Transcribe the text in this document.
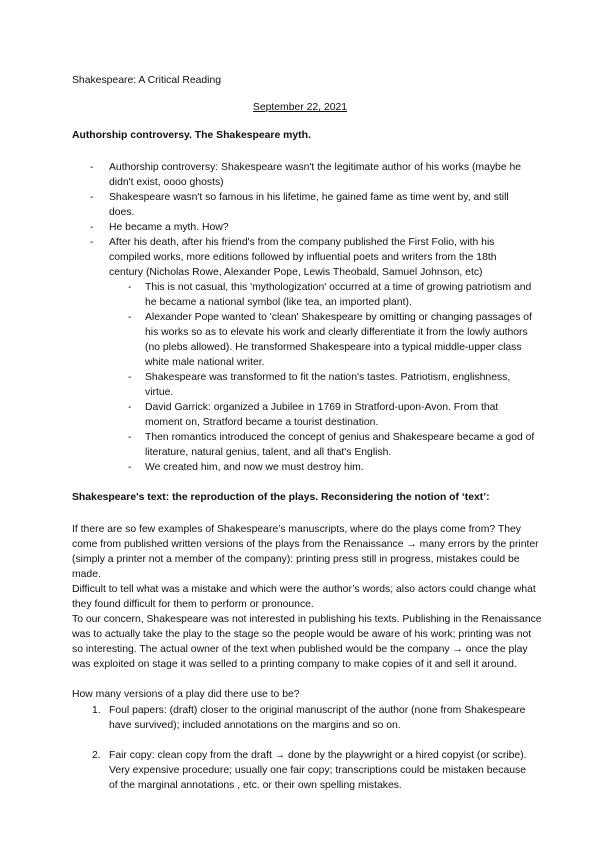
Shakespeare: A Critical Reading
September 22, 2021
Authorship controversy. The Shakespeare myth.
- Authorship controversy: Shakespeare wasn't the legitimate author of his works (maybe he didn't exist, oooo ghosts)
- Shakespeare wasn't so famous in his lifetime, he gained fame as time went by, and still does.
- He became a myth. How?
- After his death, after his friend's from the company published the First Folio, with his compiled works, more editions followed by influential poets and writers from the 18th century (Nicholas Rowe, Alexander Pope, Lewis Theobald, Samuel Johnson, etc)
- This is not casual, this 'mythologization' occurred at a time of growing patriotism and he became a national symbol (like tea, an imported plant).
- Alexander Pope wanted to 'clean' Shakespeare by omitting or changing passages of his works so as to elevate his work and clearly differentiate it from the lowly authors (no plebs allowed). He transformed Shakespeare into a typical middle-upper class white male national writer.
- Shakespeare was transformed to fit the nation's tastes. Patriotism, englishness, virtue.
- David Garrick: organized a Jubilee in 1769 in Stratford-upon-Avon. From that moment on, Stratford became a tourist destination.
- Then romantics introduced the concept of genius and Shakespeare became a god of literature, natural genius, talent, and all that's English.
- We created him, and now we must destroy him.
Shakespeare's text: the reproduction of the plays. Reconsidering the notion of ‘text’:
If there are so few examples of Shakespeare’s manuscripts, where do the plays come from? They come from published written versions of the plays from the Renaissance → many errors by the printer (simply a printer not a member of the company): printing press still in progress, mistakes could be made.
Difficult to tell what was a mistake and which were the author’s words; also actors could change what they found difficult for them to perform or pronounce.
To our concern, Shakespeare was not interested in publishing his texts. Publishing in the Renaissance was to actually take the play to the stage so the people would be aware of his work; printing was not so interesting. The actual owner of the text when published would be the company → once the play was exploited on stage it was selled to a printing company to make copies of it and sell it around.
How many versions of a play did there use to be?
1. Foul papers: (draft) closer to the original manuscript of the author (none from Shakespeare have survived); included annotations on the margins and so on.
2. Fair copy: clean copy from the draft → done by the playwright or a hired copyist (or scribe). Very expensive procedure; usually one fair copy; transcriptions could be mistaken because of the marginal annotations , etc. or their own spelling mistakes.
